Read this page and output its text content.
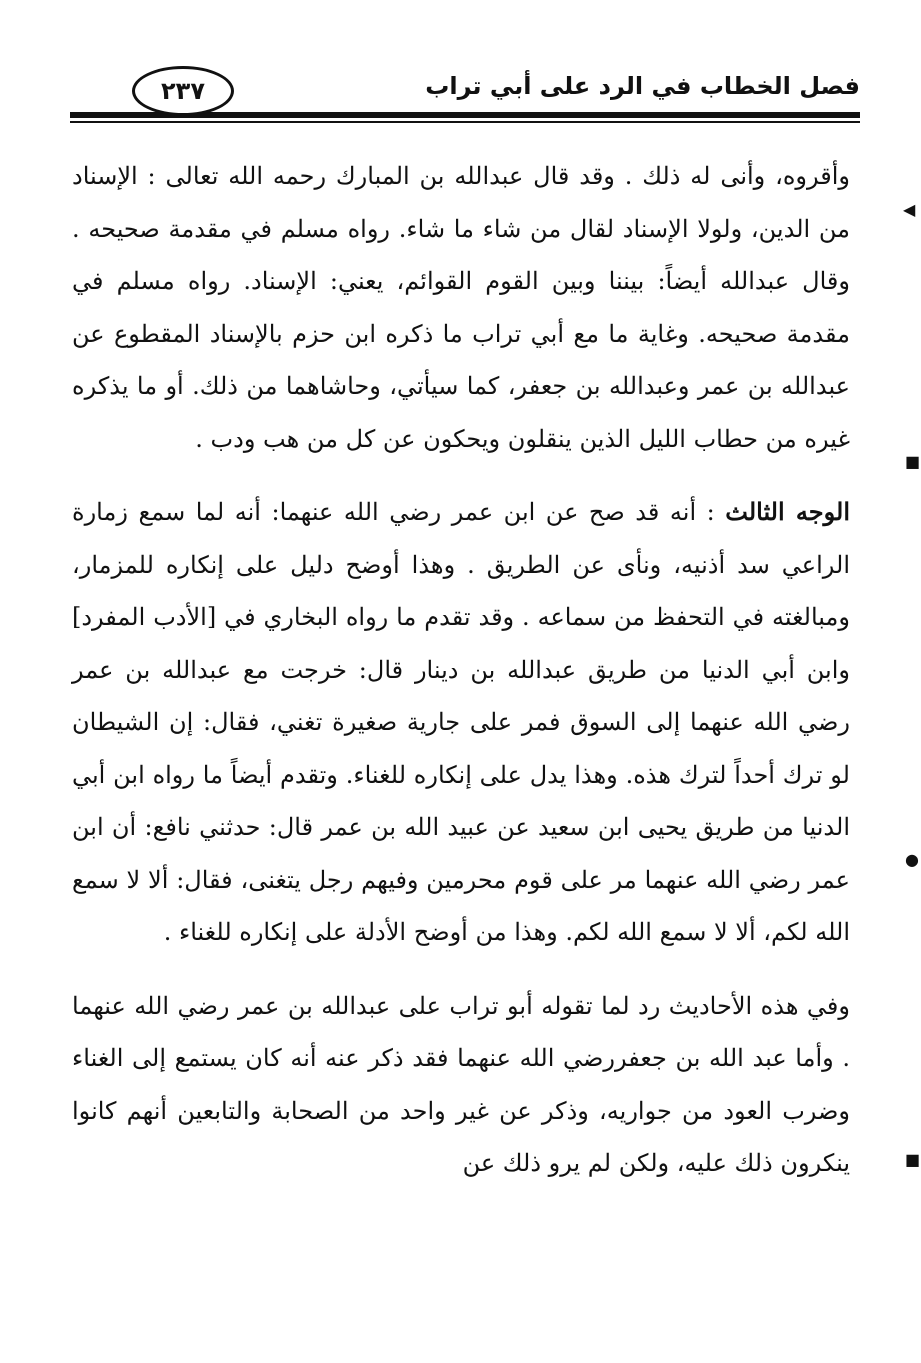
فصل الخطاب في الرد على أبي تراب
٢٣٧

وأقروه، وأنى له ذلك . وقد قال عبدالله بن المبارك رحمه الله تعالى : الإسناد من الدين، ولولا الإسناد لقال من شاء ما شاء. رواه مسلم في مقدمة صحيحه . وقال عبدالله أيضاً: بيننا وبين القوم القوائم، يعني: الإسناد. رواه مسلم في مقدمة صحيحه. وغاية ما مع أبي تراب ما ذكره ابن حزم بالإسناد المقطوع عن عبدالله بن عمر وعبدالله بن جعفر، كما سيأتي، وحاشاهما من ذلك. أو ما يذكره غيره من حطاب الليل الذين ينقلون ويحكون عن كل من هب ودب .

الوجه الثالث : أنه قد صح عن ابن عمر رضي الله عنهما: أنه لما سمع زمارة الراعي سد أذنيه، ونأى عن الطريق . وهذا أوضح دليل على إنكاره للمزمار، ومبالغته في التحفظ من سماعه . وقد تقدم ما رواه البخاري في [الأدب المفرد] وابن أبي الدنيا من طريق عبدالله بن دينار قال: خرجت مع عبدالله بن عمر رضي الله عنهما إلى السوق فمر على جارية صغيرة تغني، فقال: إن الشيطان لو ترك أحداً لترك هذه. وهذا يدل على إنكاره للغناء. وتقدم أيضاً ما رواه ابن أبي الدنيا من طريق يحيى ابن سعيد عن عبيد الله بن عمر قال: حدثني نافع: أن ابن عمر رضي الله عنهما مر على قوم محرمين وفيهم رجل يتغنى، فقال: ألا لا سمع الله لكم، ألا لا سمع الله لكم. وهذا من أوضح الأدلة على إنكاره للغناء .

وفي هذه الأحاديث رد لما تقوله أبو تراب على عبدالله بن عمر رضي الله عنهما . وأما عبد الله بن جعفررضي الله عنهما فقد ذكر عنه أنه كان يستمع إلى الغناء وضرب العود من جواريه، وذكر عن غير واحد من الصحابة والتابعين أنهم كانوا ينكرون ذلك عليه، ولكن لم يرو ذلك عن

◀
■
●
■
